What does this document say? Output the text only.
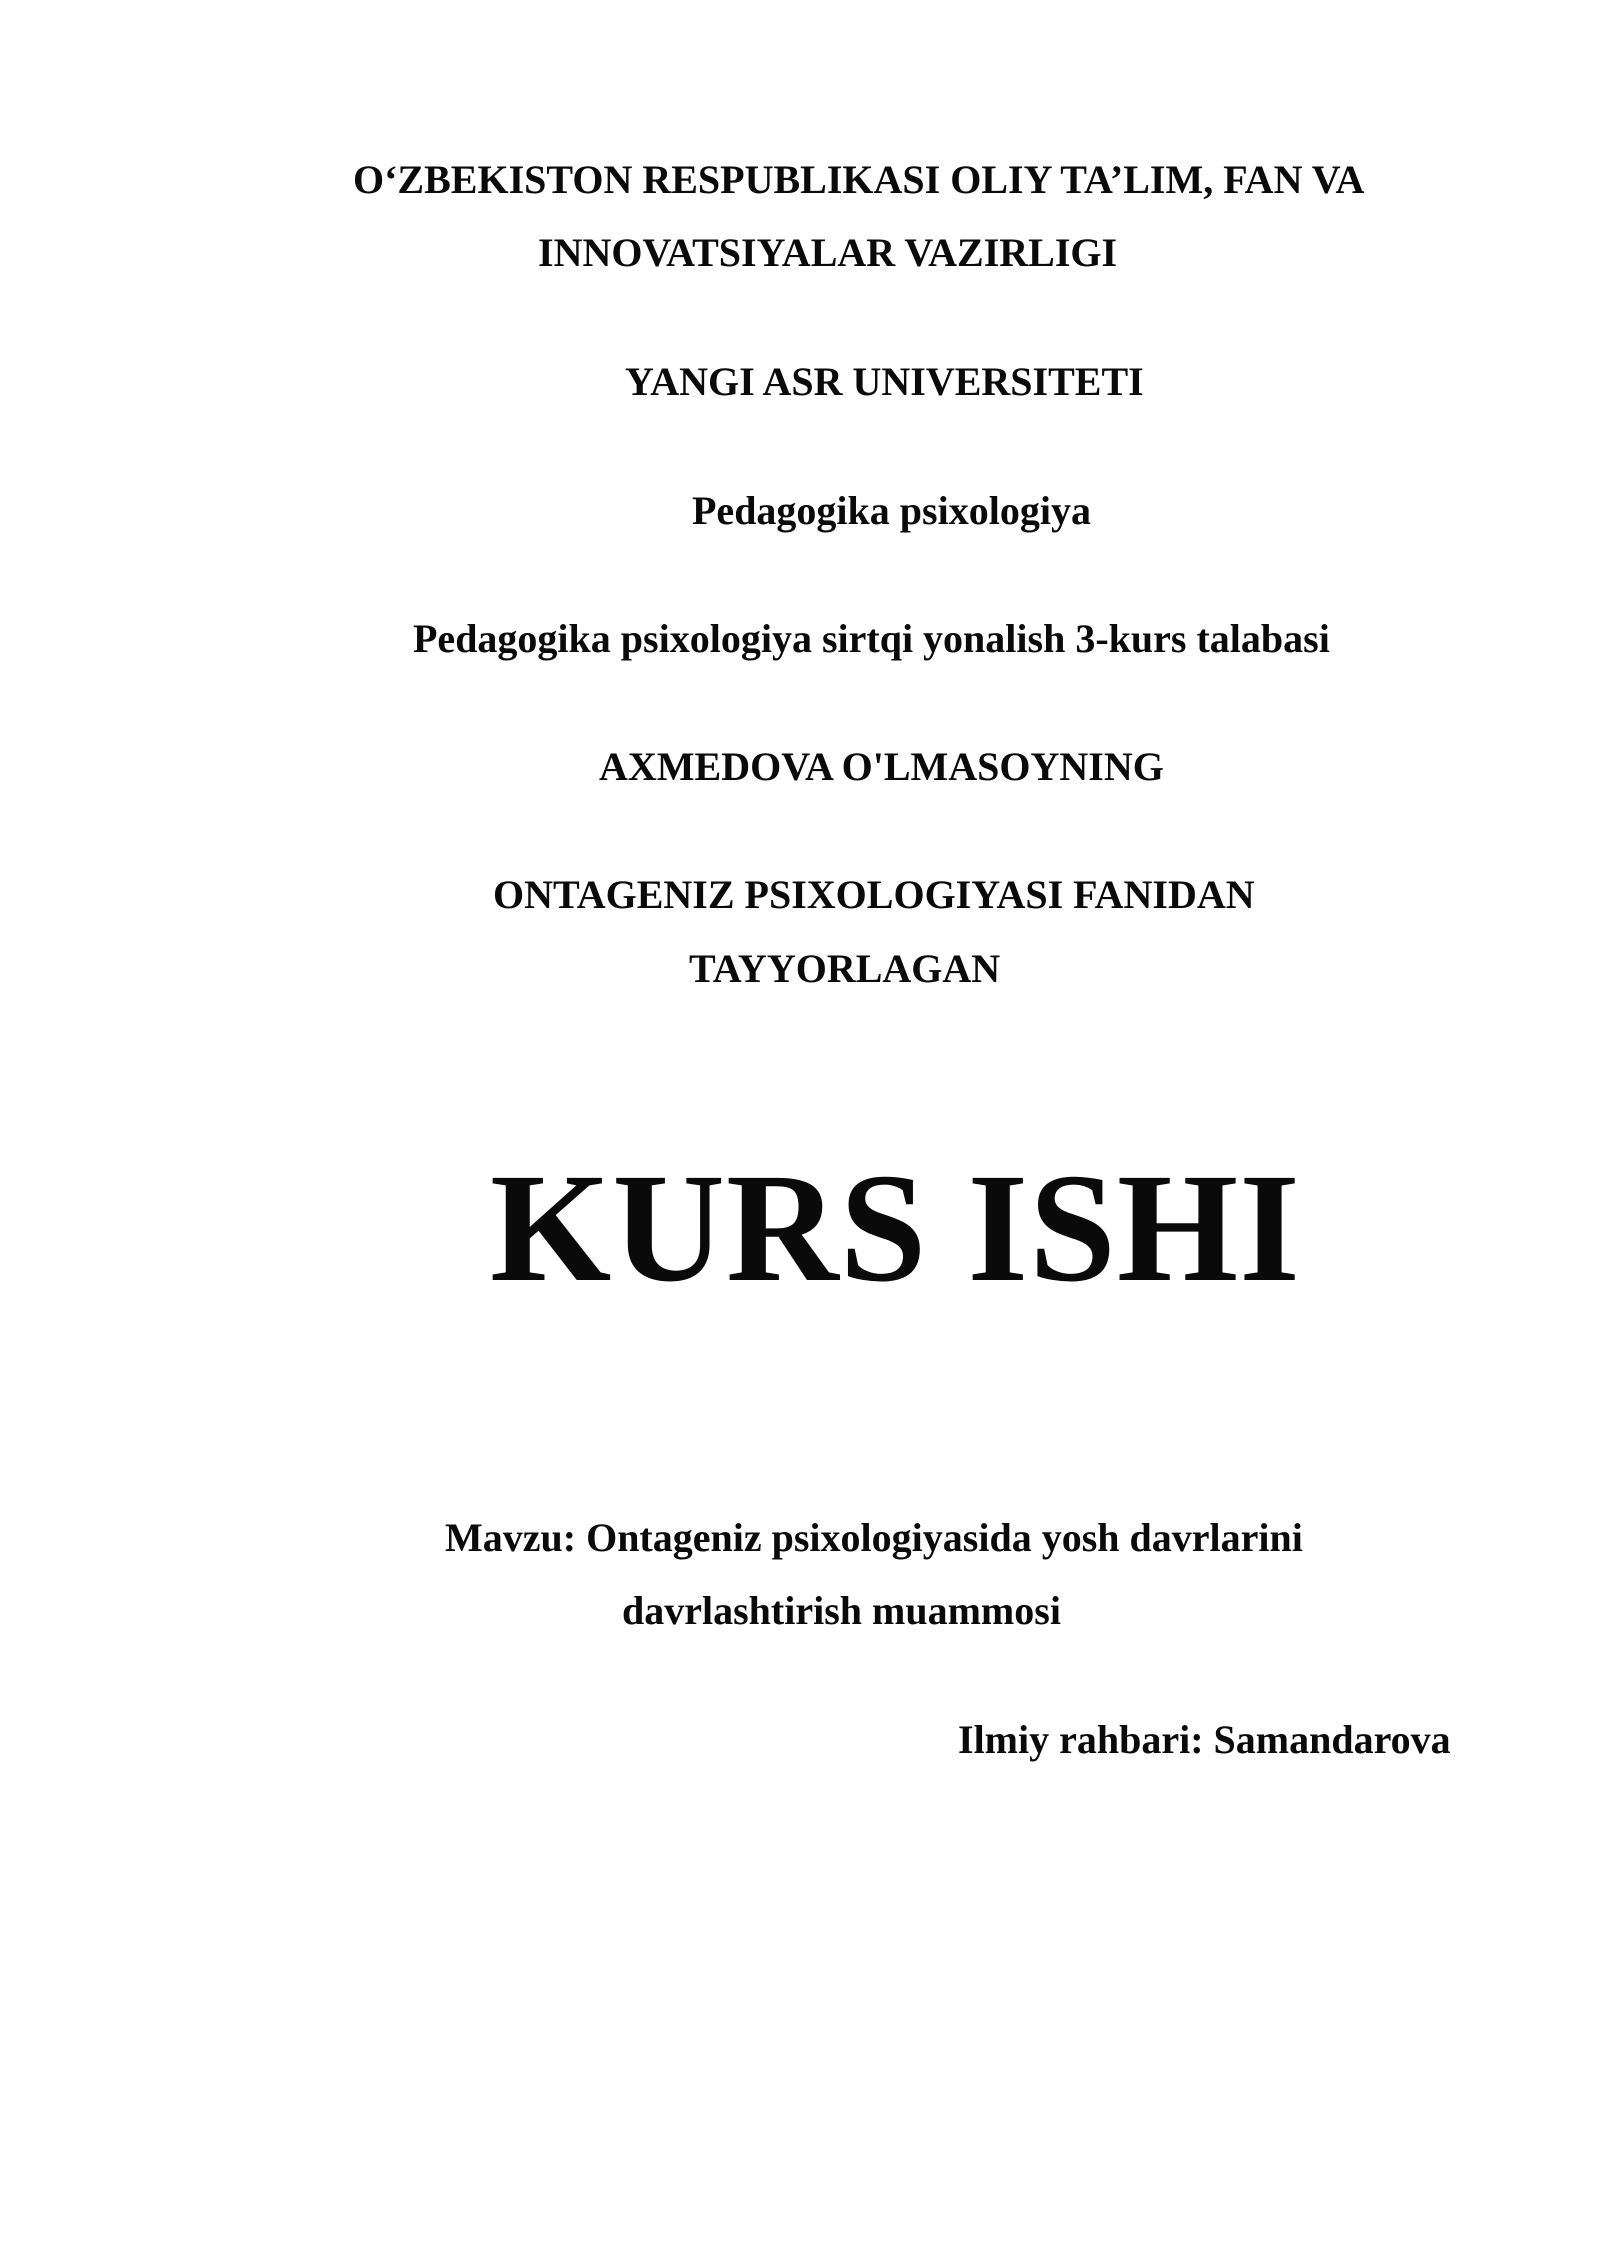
O‘ZBEKISTON RESPUBLIKASI OLIY TA’LIM, FAN VA

INNOVATSIYALAR VAZIRLIGI

YANGI ASR UNIVERSITETI

Pedagogika psixologiya

Pedagogika psixologiya sirtqi yonalish 3-kurs talabasi

AXMEDOVA O'LMASOYNING

ONTAGENIZ PSIXOLOGIYASI FANIDAN

TAYYORLAGAN

KURS ISHI

Mavzu: Ontageniz psixologiyasida yosh davrlarini

davrlashtirish muammosi

Ilmiy rahbari: Samandarova
